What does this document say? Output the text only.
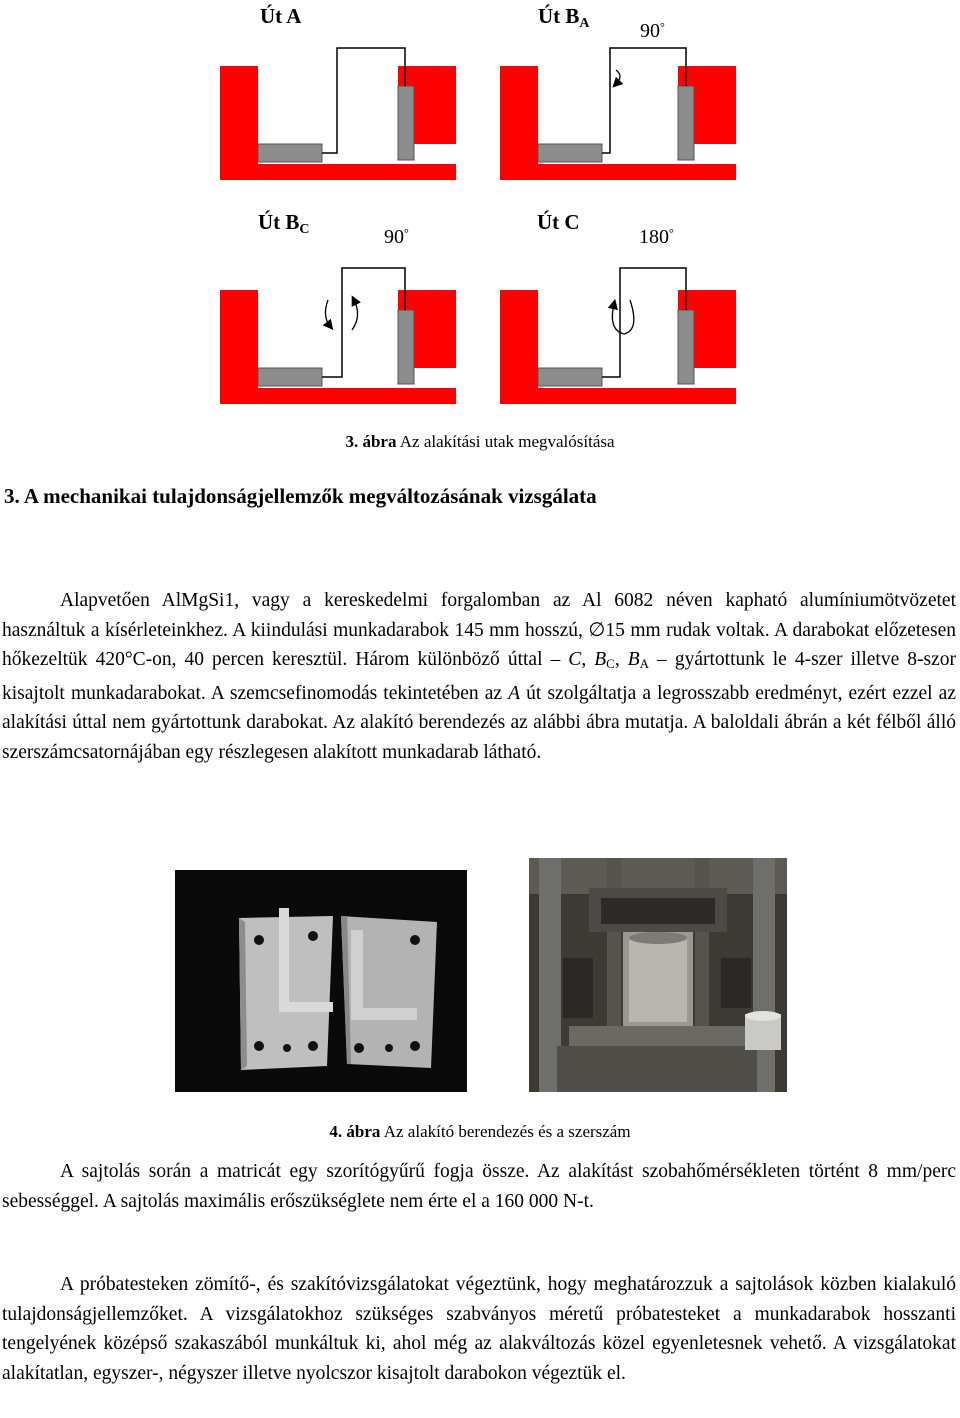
Út A	Út $B_A$	90°
Út $B_C$	90°	Út C
180°
3. ábra Az alakítási utak megvalósítása
3. A mechanikai tulajdonságjellemzők megváltozásának vizsgálata
Alapvetően AlMgSi1, vagy a kereskedelmi forgalomban az Al 6082 néven kapható alumíniumötvözetet használtuk a kísérleteinkhez. A kiindulási munkadarabok 145 mm hosszú, ∅15 mm rudak voltak. A darabokat előzetesen hőkezeltük 420°C-on, 40 percen keresztül. Három különböző úttal – C, $B_C$, $B_A$ – gyártottunk le 4-szer illetve 8-szor kisajtolt munkadarabokat. A szemcsefinomodás tekintetében az A út szolgáltatja a legrosszabb eredményt, ezért ezzel az alakítási úttal nem gyártottunk darabokat. Az alakító berendezés az alábbi ábra mutatja. A baloldali ábrán a két félből álló szerszámcsatornájában egy részlegesen alakított munkadarab látható.
4. ábra Az alakító berendezés és a szerszám
A sajtolás során a matricát egy szorítógyűrű fogja össze. Az alakítást szobahőmérsékleten történt 8 mm/perc sebességgel. A sajtolás maximális erőszükséglete nem érte el a 160 000 N-t.
A próbatesteken zömítő-, és szakítóvizsgálatokat végeztünk, hogy meghatározzuk a sajtolások közben kialakuló tulajdonságjellemzőket. A vizsgálatokhoz szükséges szabványos méretű próbatesteket a munkadarabok hosszanti tengelyének középső szakaszából munkáltuk ki, ahol még az alakváltozás közel egyenletesnek vehető. A vizsgálatokat alakítatlan, egyszer-, négyszer illetve nyolcszor kisajtolt darabokon végeztük el.
